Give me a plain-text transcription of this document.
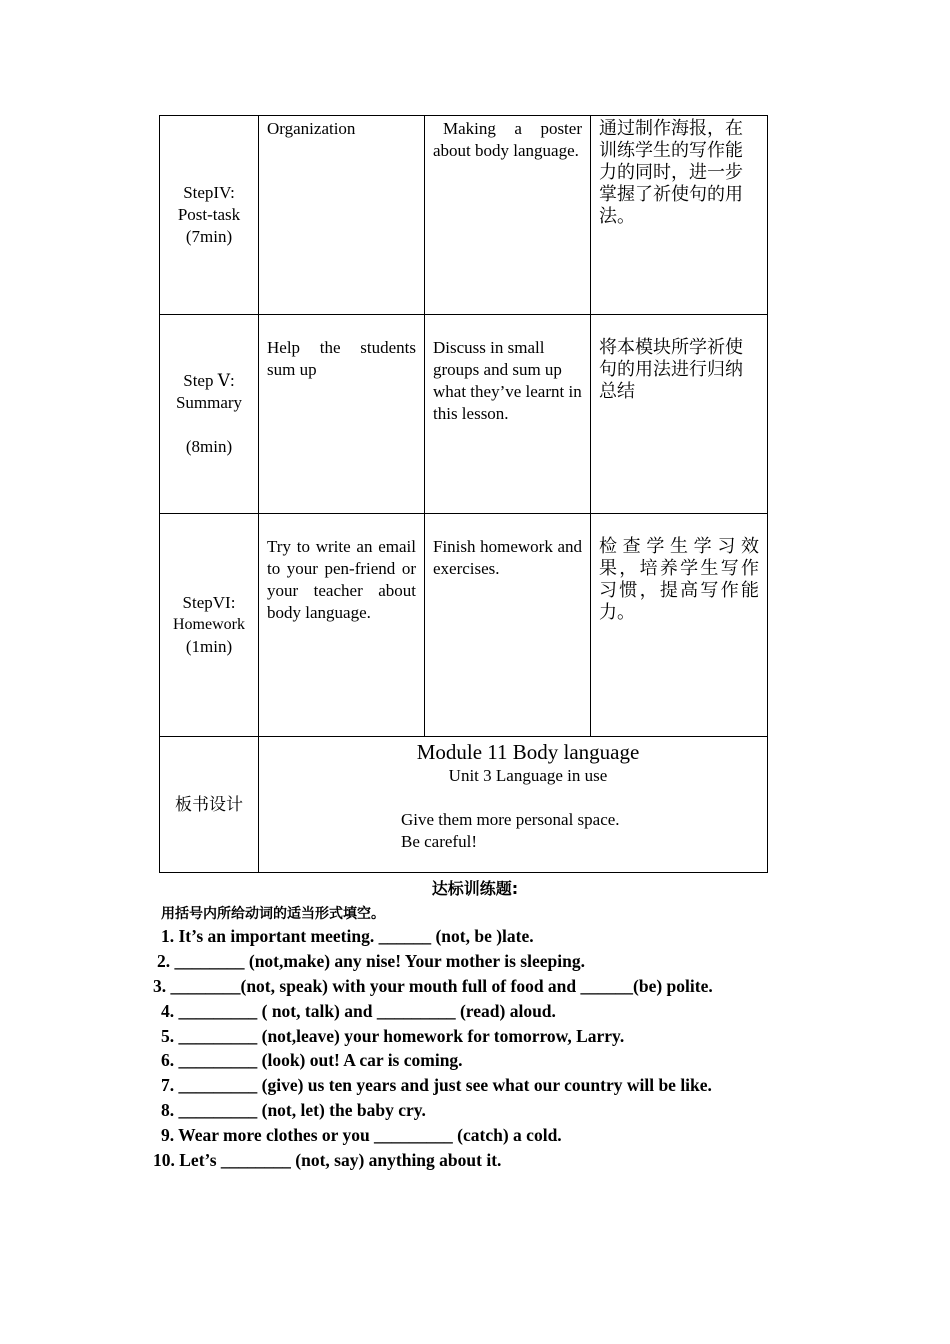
StepIV:
Post-task
(7min)	Organization	Making a poster about body language.	通过制作海报，在训练学生的写作能力的同时，进一步掌握了祈使句的用法。

Step Ⅴ:
Summary
(8min)	Help the students sum up	Discuss in small groups and sum up what they’ve learnt in this lesson.	将本模块所学祈使句的用法进行归纳总结

StepVI:
Homework
(1min)	Try to write an email to your pen-friend or your teacher about body language.	Finish homework and exercises.	检查学生学习效果，培养学生写作习惯，提高写作能力。

板书设计	Module 11 Body language
Unit 3 Language in use
Give them more personal space.
Be careful!		
达标训练题:
用括号内所给动词的适当形式填空。
1. It’s an important meeting. ______ (not, be )late.
2. ________ (not,make) any nise! Your mother is sleeping.
3. ________(not, speak) with your mouth full of food and ______(be) polite.
4. _________ ( not, talk) and _________ (read) aloud.
5. _________ (not,leave) your homework for tomorrow, Larry.
6. _________ (look) out! A car is coming.
7. _________ (give) us ten years and just see what our country will be like.
8. _________ (not, let) the baby cry.
9. Wear more clothes or you _________ (catch) a cold.
10. Let’s ________ (not, say) anything about it.
